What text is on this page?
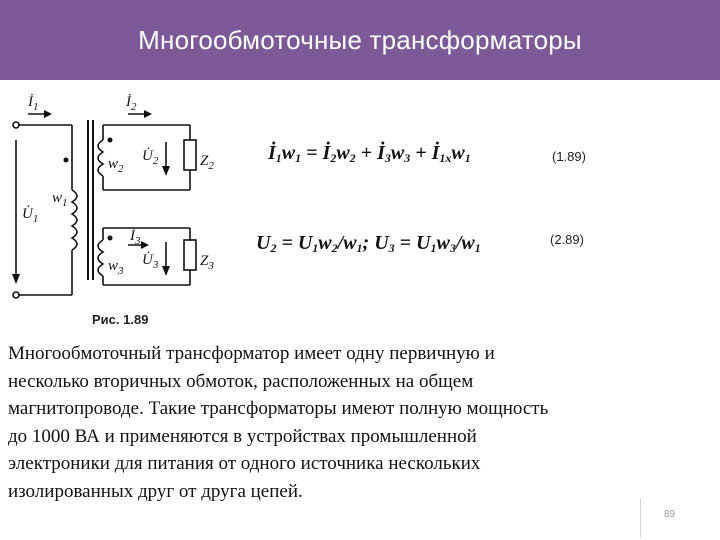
Многообмоточные трансформаторы
$İ_1$	$İ_2$
$İ_3$
$U̇_1$
$U̇_2$
$U̇_3$
$w_1$
$w_2$
$w_3$
$Z_2$
$Z_3$
Рис. 1.89
$İ_1w_1$ = $İ_2w_2$ + $İ_3w_3$ + $İ_{1х}w_1$	(1.89)
$U_2 = U_1w_2/w_1$; $U_3 = U_1w_3/w_1$
(2.89)
Многообмоточный трансформатор имеет одну первичную и
несколько вторичных обмоток, расположенных на общем
магнитопроводе. Такие трансформаторы имеют полную мощность
до 1000 ВА и применяются в устройствах промышленной
электроники для питания от одного источника нескольких
изолированных друг от друга цепей.
89
